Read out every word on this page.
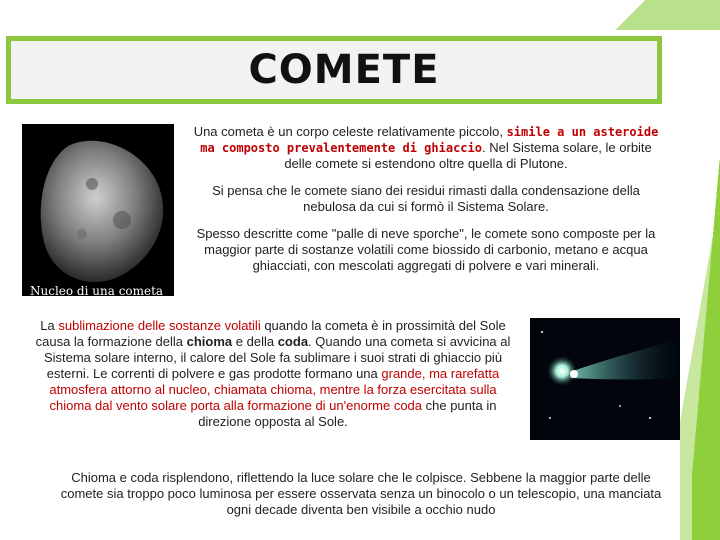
COMETE
Nucleo di una cometa
Una cometa è un corpo celeste relativamente piccolo, simile a un asteroide ma composto prevalentemente di ghiaccio. Nel Sistema solare, le orbite delle comete si estendono oltre quella di Plutone.
Si pensa che le comete siano dei residui rimasti dalla condensazione della nebulosa da cui si formò il Sistema Solare.
Spesso descritte come "palle di neve sporche", le comete sono composte per la maggior parte di sostanze volatili come biossido di carbonio, metano e acqua ghiacciati, con mescolati aggregati di polvere e vari minerali.
La sublimazione delle sostanze volatili quando la cometa è in prossimità del Sole causa la formazione della chioma e della coda. Quando una cometa si avvicina al Sistema solare interno, il calore del Sole fa sublimare i suoi strati di ghiaccio più esterni. Le correnti di polvere e gas prodotte formano una grande, ma rarefatta atmosfera attorno al nucleo, chiamata chioma, mentre la forza esercitata sulla chioma dal vento solare porta alla formazione di un'enorme coda che punta in direzione opposta al Sole.
Chioma e coda risplendono, riflettendo la luce solare che le colpisce. Sebbene la maggior parte delle comete sia troppo poco luminosa per essere osservata senza un binocolo o un telescopio, una manciata ogni decade diventa ben visibile a occhio nudo
